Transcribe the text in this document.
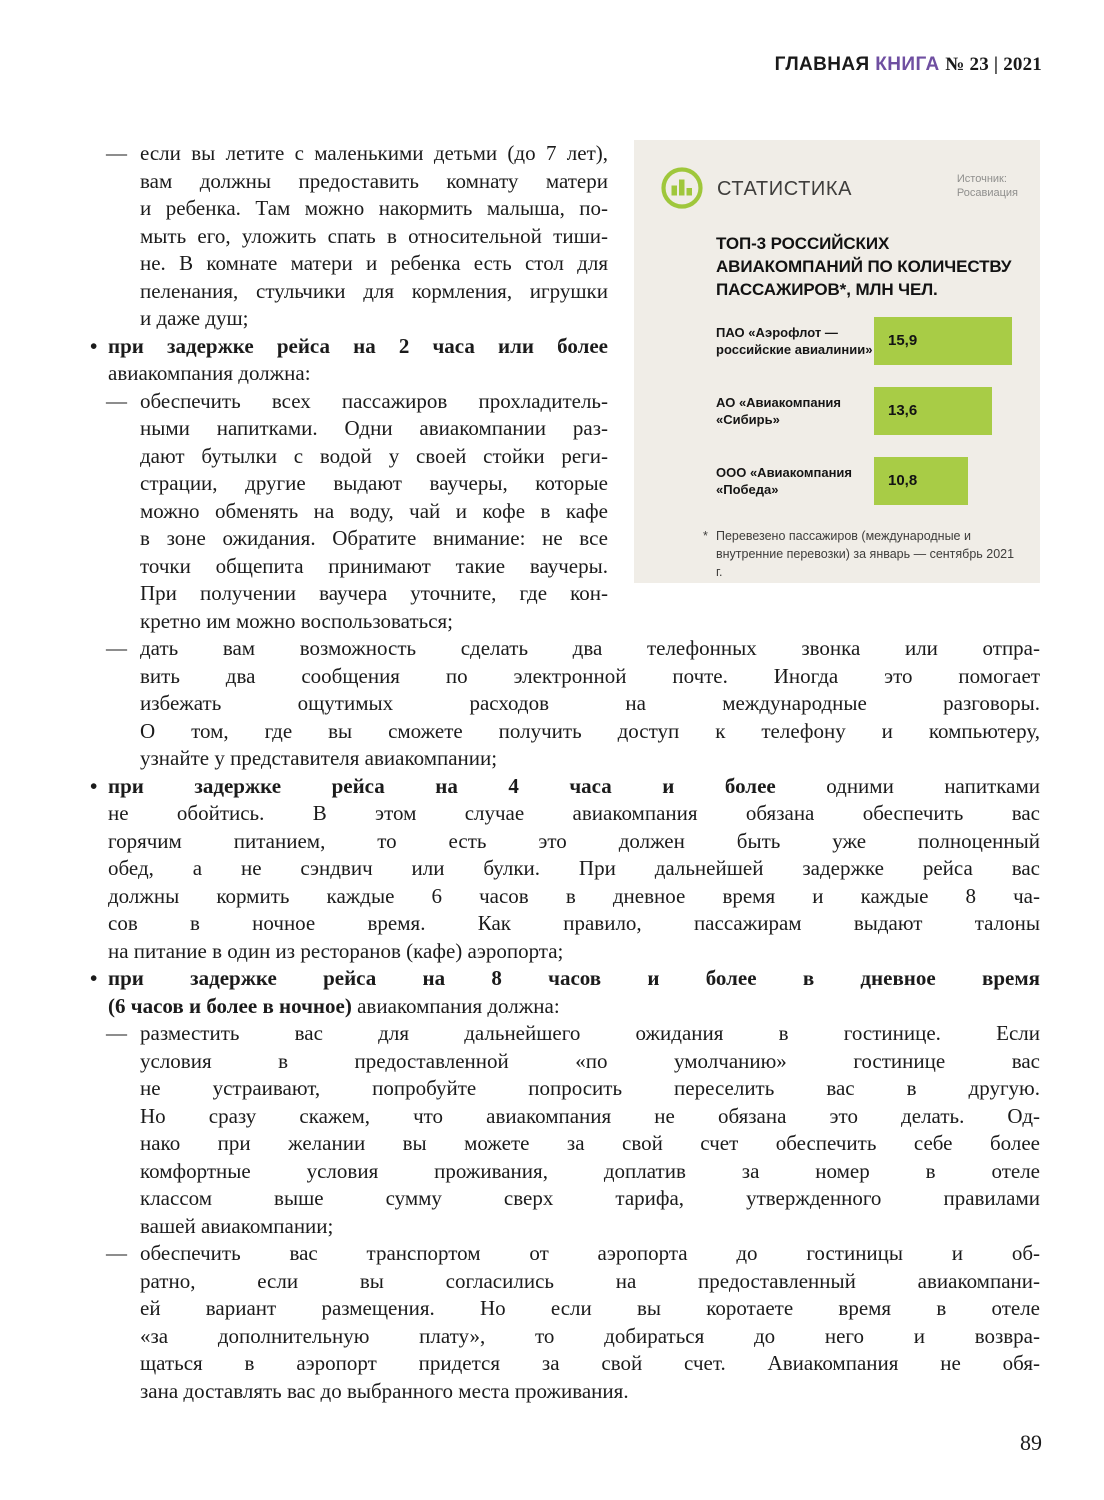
ГЛАВНАЯ КНИГА № 23 | 2021
СТАТИСТИКА	Источник:
Росавиация
ТОП-3 РОССИЙСКИХ АВИАКОМПАНИЙ ПО КОЛИЧЕСТВУ ПАССАЖИРОВ*, МЛН ЧЕЛ.
ПАО «Аэрофлот — российские авиалинии»
15,9
АО «Авиакомпания «Сибирь»
13,6
ООО «Авиакомпания «Победа»
10,8
* Перевезено пассажиров (международные и внутренние перевозки) за январь — сентябрь 2021 г.
— если вы летите с маленькими детьми (до 7 лет),
вам должны предоставить комнату матери
и ребенка. Там можно накормить малыша, по-
мыть его, уложить спать в относительной тиши-
не. В комнате матери и ребенка есть стол для
пеленания, стульчики для кормления, игрушки
и даже душ;
• при задержке рейса на 2 часа или более
авиакомпания должна:
— обеспечить всех пассажиров прохладитель-
ными напитками. Одни авиакомпании раз-
дают бутылки с водой у своей стойки реги-
страции, другие выдают ваучеры, которые
можно обменять на воду, чай и кофе в кафе
в зоне ожидания. Обратите внимание: не все
точки общепита принимают такие ваучеры.
При получении ваучера уточните, где кон-
кретно им можно воспользоваться;
— дать вам возможность сделать два телефонных звонка или отпра-
вить два сообщения по электронной почте. Иногда это помогает
избежать ощутимых расходов на международные разговоры.
О том, где вы сможете получить доступ к телефону и компьютеру,
узнайте у представителя авиакомпании;
• при задержке рейса на 4 часа и более одними напитками
не обойтись. В этом случае авиакомпания обязана обеспечить вас
горячим питанием, то есть это должен быть уже полноценный
обед, а не сэндвич или булки. При дальнейшей задержке рейса вас
должны кормить каждые 6 часов в дневное время и каждые 8 ча-
сов в ночное время. Как правило, пассажирам выдают талоны
на питание в один из ресторанов (кафе) аэропорта;
• при задержке рейса на 8 часов и более в дневное время
(6 часов и более в ночное) авиакомпания должна:
— разместить вас для дальнейшего ожидания в гостинице. Если
условия в предоставленной «по умолчанию» гостинице вас
не устраивают, попробуйте попросить переселить вас в другую.
Но сразу скажем, что авиакомпания не обязана это делать. Од-
нако при желании вы можете за свой счет обеспечить себе более
комфортные условия проживания, доплатив за номер в отеле
классом выше сумму сверх тарифа, утвержденного правилами
вашей авиакомпании;
— обеспечить вас транспортом от аэропорта до гостиницы и об-
ратно, если вы согласились на предоставленный авиакомпани-
ей вариант размещения. Но если вы коротаете время в отеле
«за дополнительную плату», то добираться до него и возвра-
щаться в аэропорт придется за свой счет. Авиакомпания не обя-
зана доставлять вас до выбранного места проживания.
89
